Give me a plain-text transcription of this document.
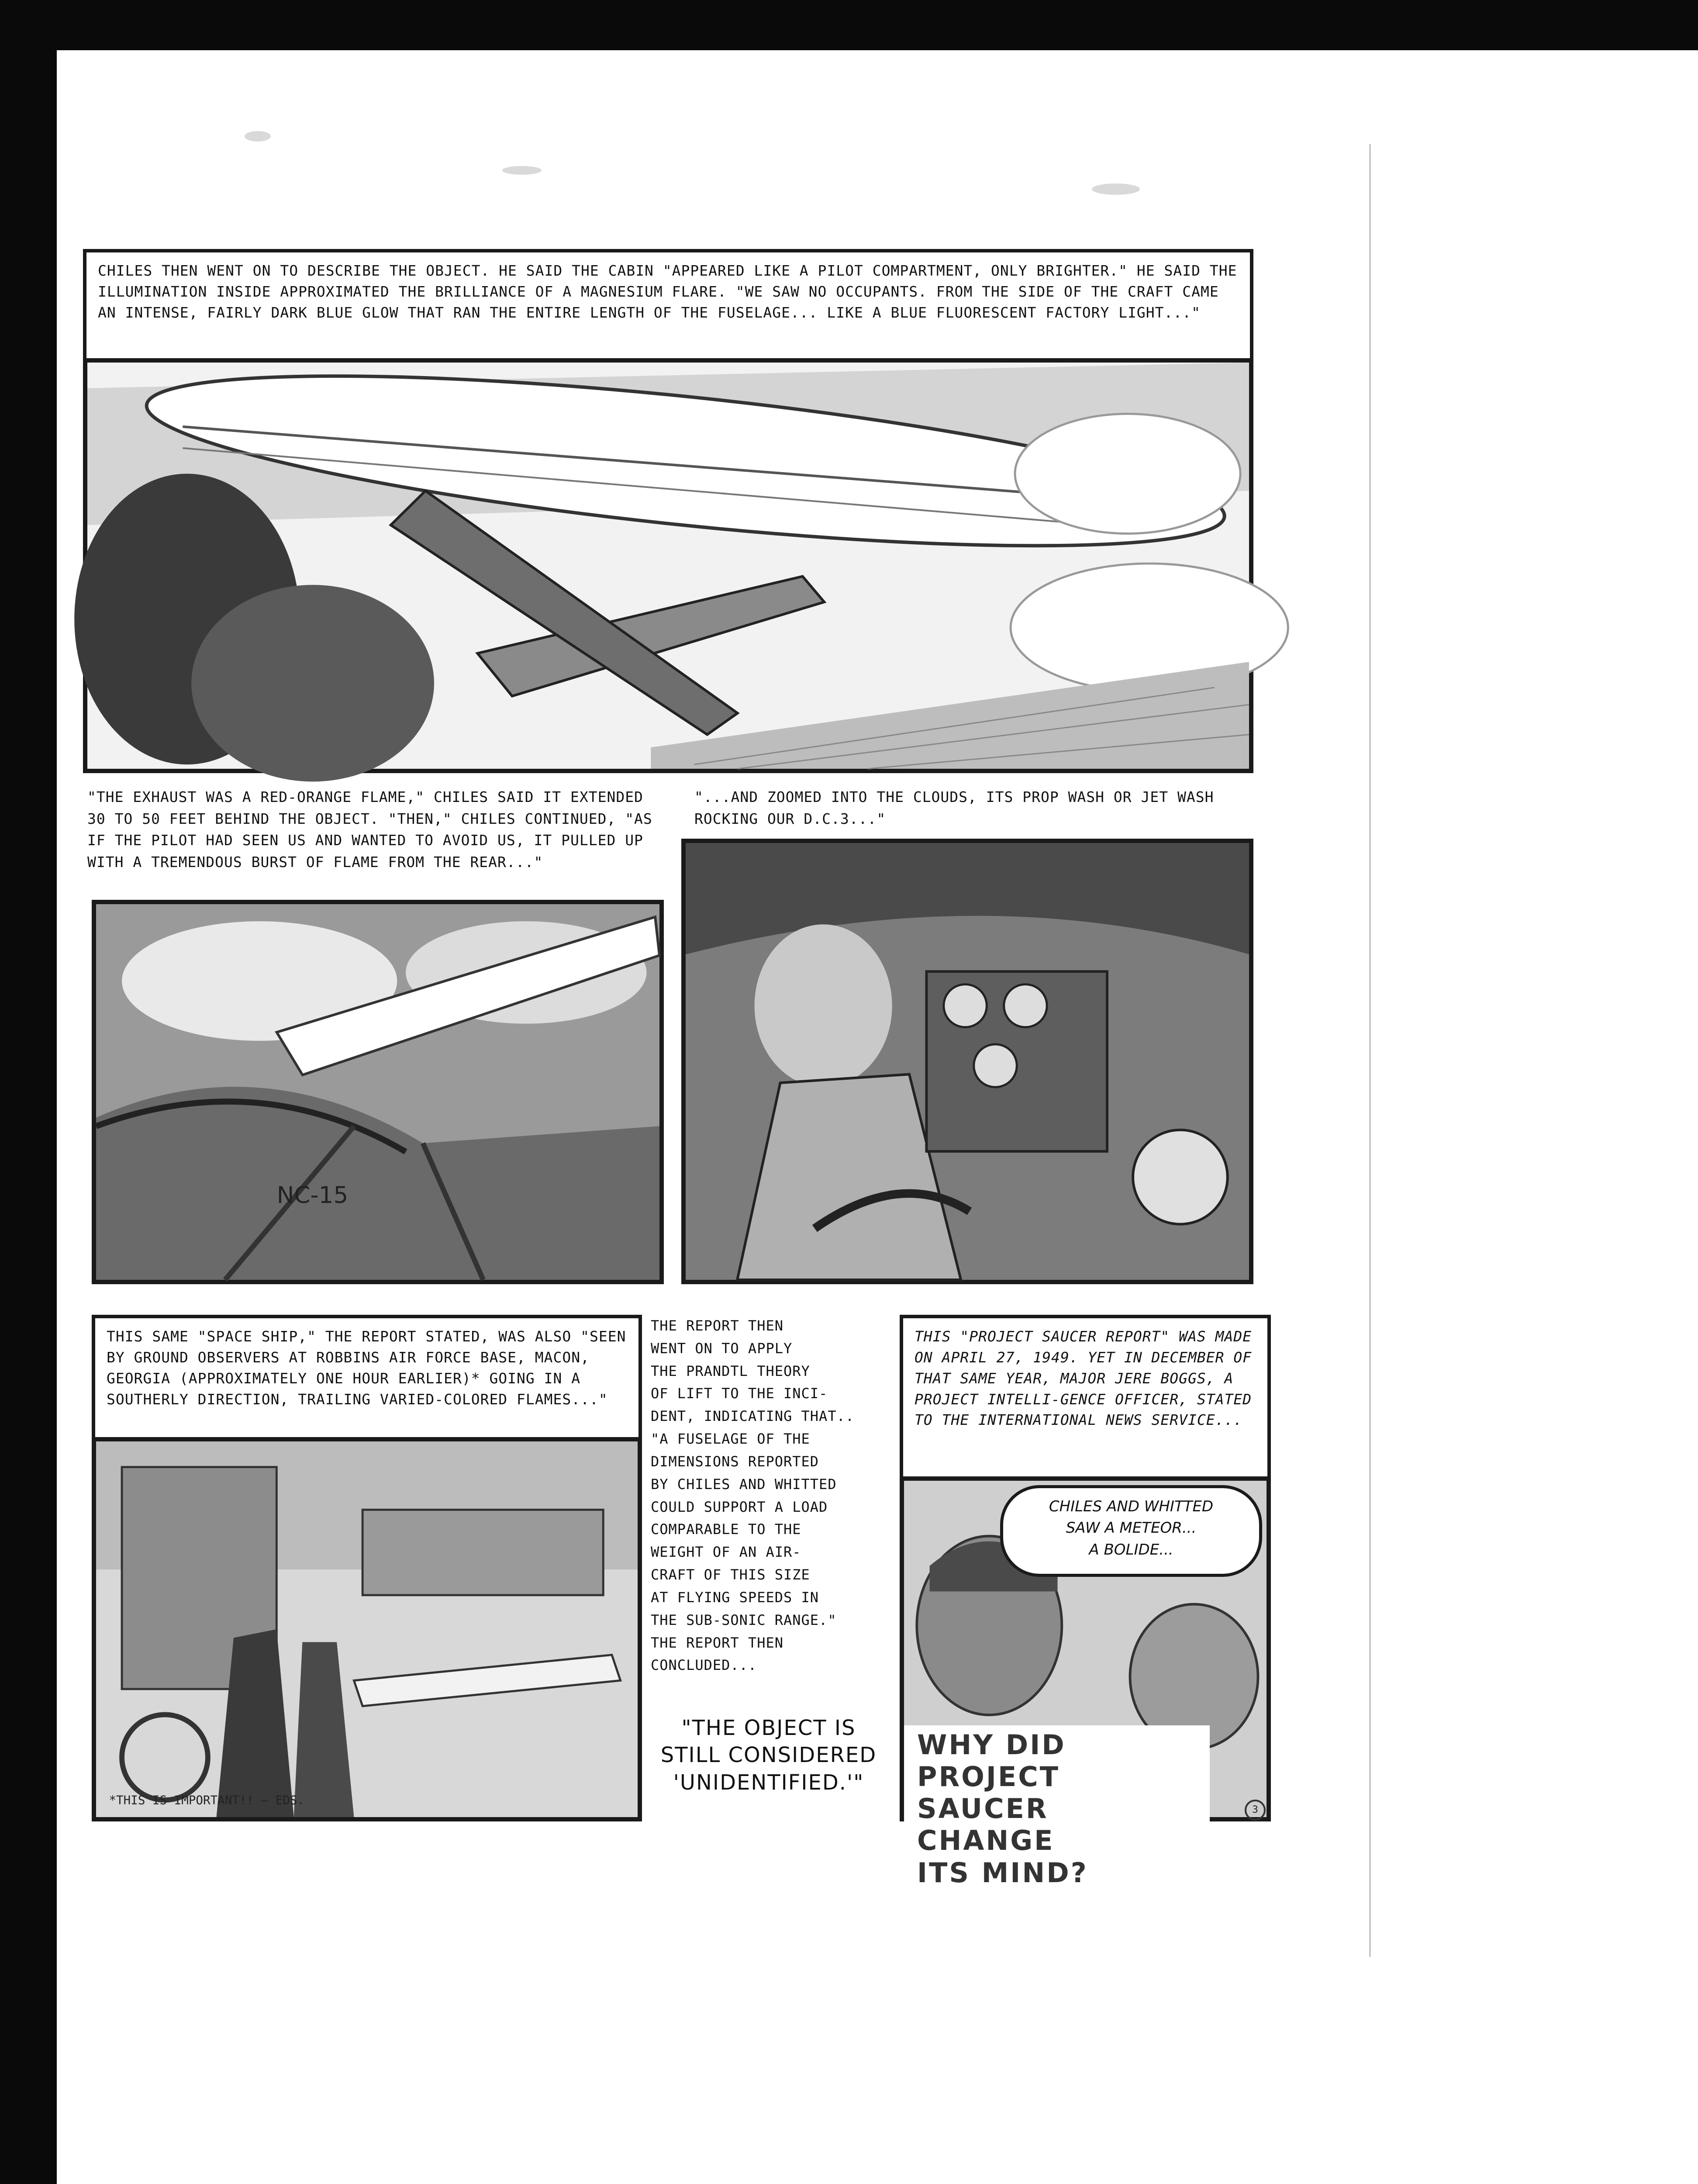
CHILES THEN WENT ON TO DESCRIBE THE OBJECT. HE SAID THE CABIN "APPEARED LIKE A PILOT COMPARTMENT, ONLY BRIGHTER." HE SAID THE ILLUMINATION INSIDE APPROXIMATED THE BRILLIANCE OF A MAGNESIUM FLARE. "WE SAW NO OCCUPANTS. FROM THE SIDE OF THE CRAFT CAME AN INTENSE, FAIRLY DARK BLUE GLOW THAT RAN THE ENTIRE LENGTH OF THE FUSELAGE... LIKE A BLUE FLUORESCENT FACTORY LIGHT..."
"THE EXHAUST WAS A RED-ORANGE FLAME," CHILES SAID IT EXTENDED 30 TO 50 FEET BEHIND THE OBJECT. "THEN," CHILES CONTINUED, "AS IF THE PILOT HAD SEEN US AND WANTED TO AVOID US, IT PULLED UP WITH A TREMENDOUS BURST OF FLAME FROM THE REAR..."
NC-15
"...AND ZOOMED INTO THE CLOUDS, ITS PROP WASH OR JET WASH ROCKING OUR D.C.3..."
THIS SAME "SPACE SHIP," THE REPORT STATED, WAS ALSO "SEEN BY GROUND OBSERVERS AT ROBBINS AIR FORCE BASE, MACON, GEORGIA (APPROXIMATELY ONE HOUR EARLIER)* GOING IN A SOUTHERLY DIRECTION, TRAILING VARIED-COLORED FLAMES..."
*THIS IS IMPORTANT!! — EDS.
THE REPORT THEN
WENT ON TO APPLY
THE PRANDTL THEORY
OF LIFT TO THE INCI-
DENT, INDICATING THAT..
"A FUSELAGE OF THE
DIMENSIONS REPORTED
BY CHILES AND WHITTED
COULD SUPPORT A LOAD
COMPARABLE TO THE
WEIGHT OF AN AIR-
CRAFT OF THIS SIZE
AT FLYING SPEEDS IN
THE SUB-SONIC RANGE."
THE REPORT THEN
CONCLUDED...
"THE OBJECT IS
STILL CONSIDERED
'UNIDENTIFIED.'"
THIS "PROJECT SAUCER REPORT" WAS MADE ON APRIL 27, 1949. YET IN DECEMBER OF THAT SAME YEAR, MAJOR JERE BOGGS, A PROJECT INTELLI-GENCE OFFICER, STATED TO THE INTERNATIONAL NEWS SERVICE...
CHILES AND WHITTED
SAW A METEOR...
A BOLIDE...
WHY DID PROJECT
SAUCER CHANGE
ITS MIND?
3
